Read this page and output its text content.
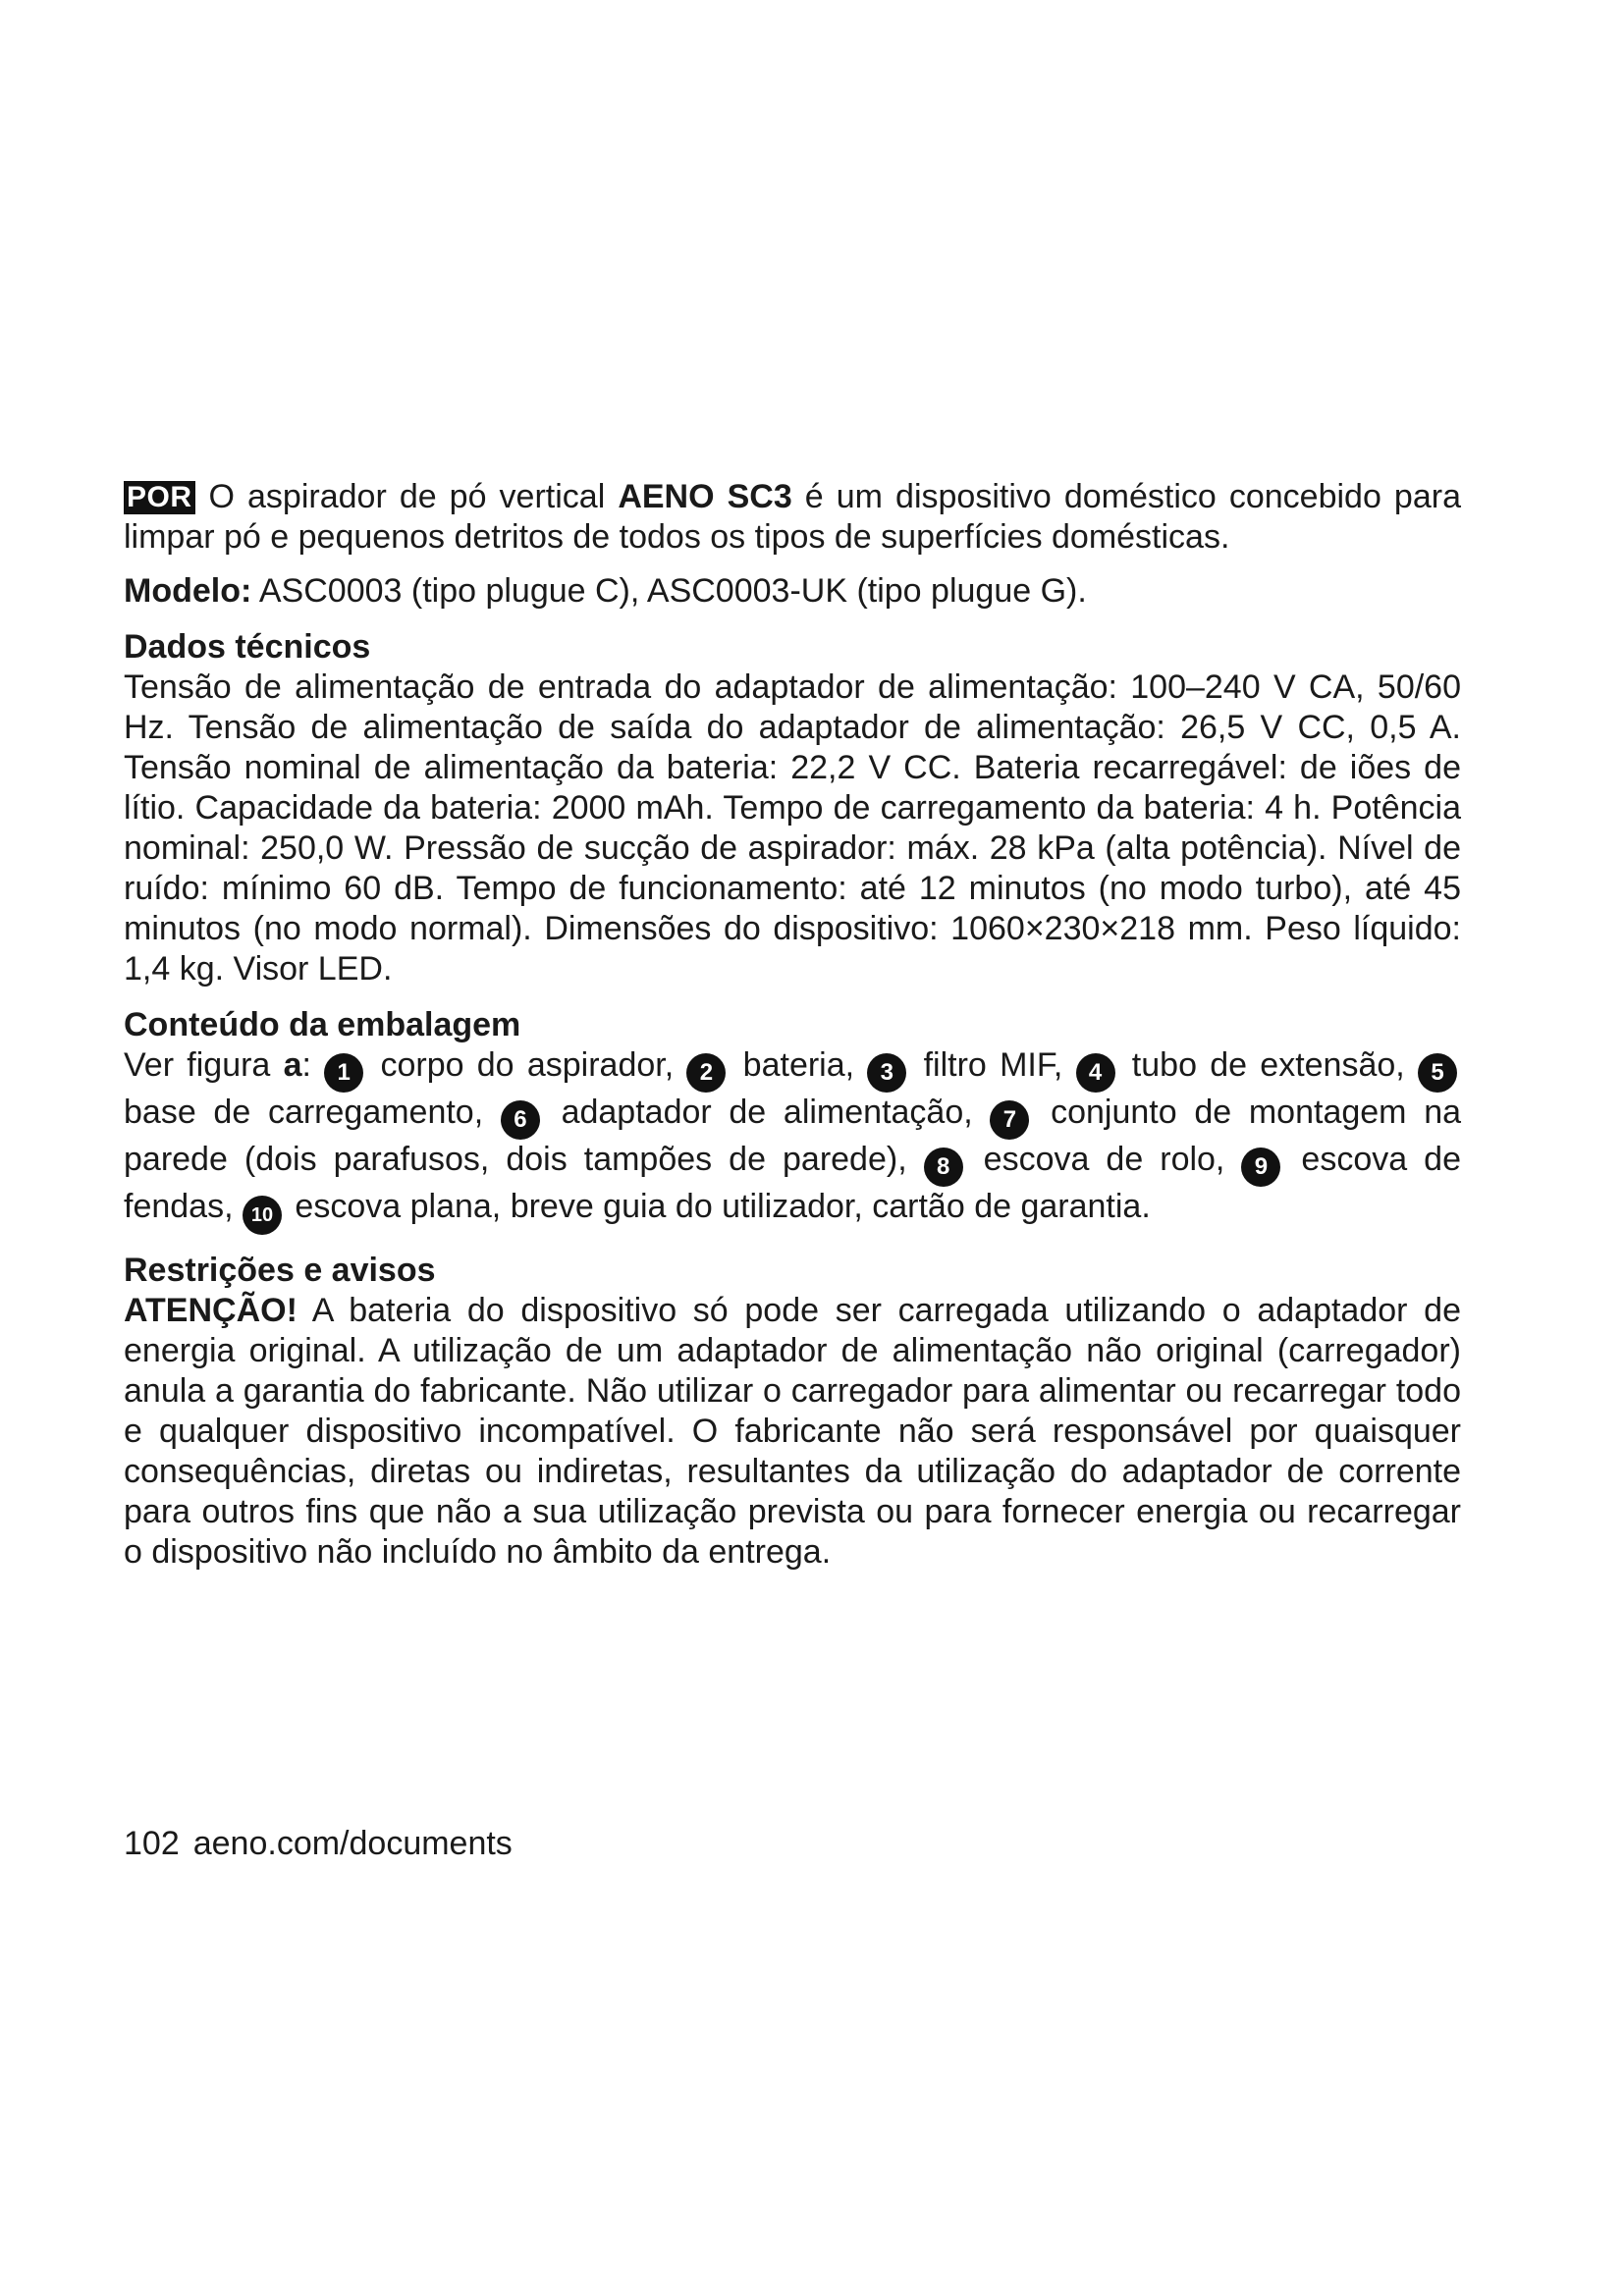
POR O aspirador de pó vertical AENO SC3 é um dispositivo doméstico concebido para limpar pó e pequenos detritos de todos os tipos de superfícies domésticas.

Modelo: ASC0003 (tipo plugue C), ASC0003-UK (tipo plugue G).

Dados técnicos

Tensão de alimentação de entrada do adaptador de alimentação: 100–240 V CA, 50/60 Hz. Tensão de alimentação de saída do adaptador de alimentação: 26,5 V CC, 0,5 A. Tensão nominal de alimentação da bateria: 22,2 V CC. Bateria recarregável: de iões de lítio. Capacidade da bateria: 2000 mAh. Tempo de carregamento da bateria: 4 h. Potência nominal: 250,0 W. Pressão de sucção de aspirador: máx. 28 kPa (alta potência). Nível de ruído: mínimo 60 dB. Tempo de funcionamento: até 12 minutos (no modo turbo), até 45 minutos (no modo normal). Dimensões do dispositivo: 1060×230×218 mm. Peso líquido: 1,4 kg. Visor LED.

Conteúdo da embalagem

Ver figura a: 1 corpo do aspirador, 2 bateria, 3 filtro MIF, 4 tubo de extensão, 5 base de carregamento, 6 adaptador de alimentação, 7 conjunto de montagem na parede (dois parafusos, dois tampões de parede), 8 escova de rolo, 9 escova de fendas, 10 escova plana, breve guia do utilizador, cartão de garantia.

Restrições e avisos

ATENÇÃO! A bateria do dispositivo só pode ser carregada utilizando o adaptador de energia original. A utilização de um adaptador de alimentação não original (carregador) anula a garantia do fabricante. Não utilizar o carregador para alimentar ou recarregar todo e qualquer dispositivo incompatível. O fabricante não será responsável por quaisquer consequências, diretas ou indiretas, resultantes da utilização do adaptador de corrente para outros fins que não a sua utilização prevista ou para fornecer energia ou recarregar o dispositivo não incluído no âmbito da entrega.

102 aeno.com/documents
